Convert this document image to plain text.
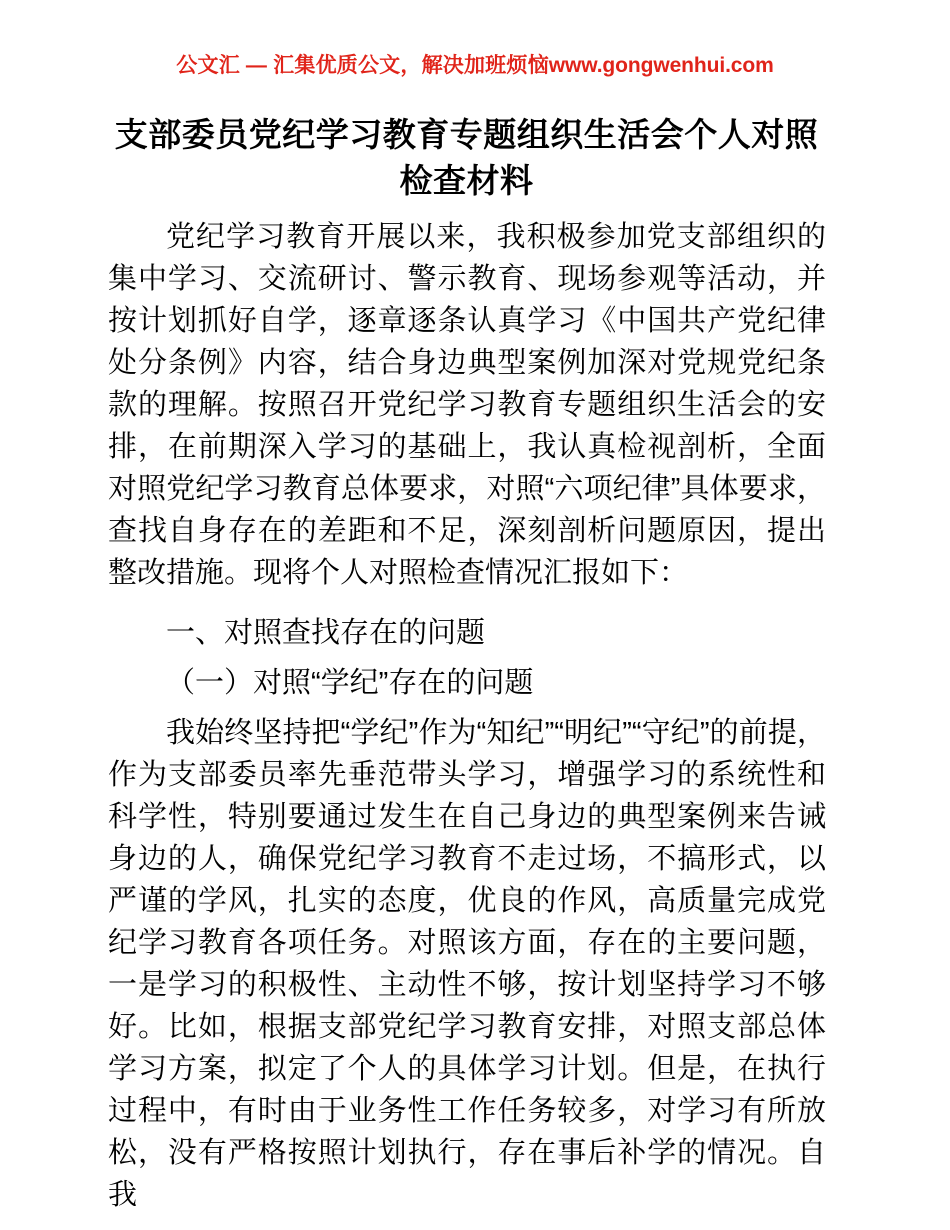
公文汇 — 汇集优质公文，解决加班烦恼www.gongwenhui.com
支部委员党纪学习教育专题组织生活会个人对照检查材料

党纪学习教育开展以来，我积极参加党支部组织的集中学习、交流研讨、警示教育、现场参观等活动，并按计划抓好自学，逐章逐条认真学习《中国共产党纪律处分条例》内容，结合身边典型案例加深对党规党纪条款的理解。按照召开党纪学习教育专题组织生活会的安排，在前期深入学习的基础上，我认真检视剖析，全面对照党纪学习教育总体要求，对照“六项纪律”具体要求，查找自身存在的差距和不足，深刻剖析问题原因，提出整改措施。现将个人对照检查情况汇报如下：

一、对照查找存在的问题

（一）对照“学纪”存在的问题

我始终坚持把“学纪”作为“知纪”“明纪”“守纪”的前提，作为支部委员率先垂范带头学习，增强学习的系统性和科学性，特别要通过发生在自己身边的典型案例来告诫身边的人，确保党纪学习教育不走过场，不搞形式，以严谨的学风，扎实的态度，优良的作风，高质量完成党纪学习教育各项任务。对照该方面，存在的主要问题，一是学习的积极性、主动性不够，按计划坚持学习不够好。比如，根据支部党纪学习教育安排，对照支部总体学习方案，拟定了个人的具体学习计划。但是，在执行过程中，有时由于业务性工作任务较多，对学习有所放松，没有严格按照计划执行，存在事后补学的情况。自我
